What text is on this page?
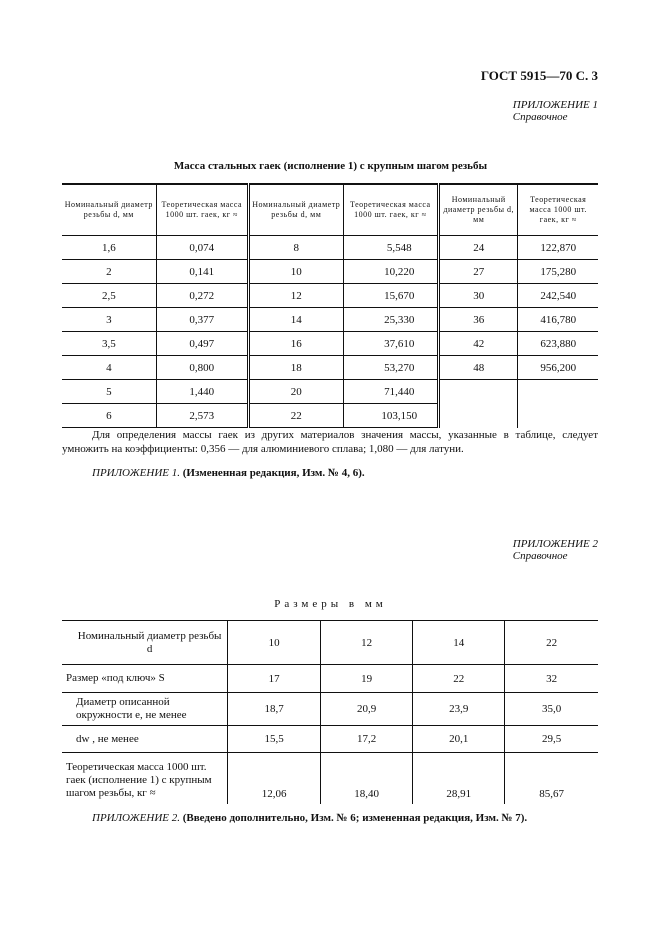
ГОСТ 5915—70 С. 3
ПРИЛОЖЕНИЕ 1
Справочное
Масса стальных гаек (исполнение 1) с крупным шагом резьбы
Номинальный диаметр резьбы d, мм	Теоретическая масса 1000 шт. гаек, кг ≈	Номинальный диаметр резьбы d, мм	Теоретическая масса 1000 шт. гаек, кг ≈	Номинальный диаметр резьбы d, мм	Теоретическая масса 1000 шт. гаек, кг ≈
1,6	0,074	8	5,548	24	122,870
2	0,141	10	10,220	27	175,280
2,5	0,272	12	15,670	30	242,540
3	0,377	14	25,330	36	416,780
3,5	0,497	16	37,610	42	623,880
4	0,800	18	53,270	48	956,200
5	1,440	20	71,440		
6	2,573	22	103,150		

Для определения массы гаек из других материалов значения массы, указанные в таблице, следует умножить на коэффициенты: 0,356 — для алюминиевого сплава; 1,080 — для латуни.

ПРИЛОЖЕНИЕ 1. (Измененная редакция, Изм. № 4, 6).

ПРИЛОЖЕНИЕ 2
Справочное
Размеры в мм
Номинальный диаметр резьбы d	10	12	14	22
Размер «под ключ» S	17	19	22	32
Диаметр описанной окружности e, не менее	18,7	20,9	23,9	35,0
dw , не менее	15,5	17,2	20,1	29,5
Теоретическая масса 1000 шт. гаек (исполнение 1) с крупным шагом резьбы, кг ≈	12,06	18,40	28,91	85,67

ПРИЛОЖЕНИЕ 2. (Введено дополнительно, Изм. № 6; измененная редакция, Изм. № 7).
